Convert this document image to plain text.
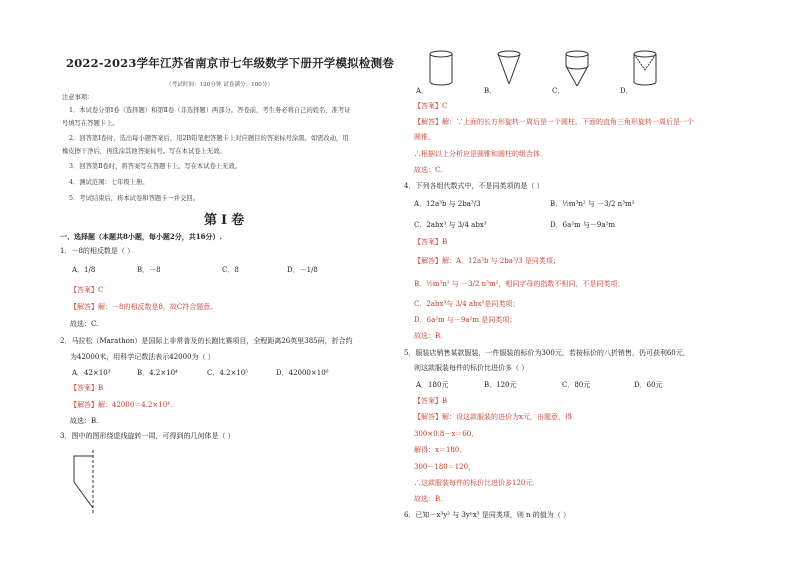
2022-2023学年江苏省南京市七年级数学下册开学模拟检测卷
（考试时间：120分钟 试卷满分：100分）
注意事项：
1．本试卷分第Ⅰ卷（选择题）和第Ⅱ卷（非选择题）两部分。答卷前，考生务必将自己的姓名、准考证
号填写在答题卡上。
2．回答第Ⅰ卷时，选出每小题答案后，用2B铅笔把答题卡上对应题目的答案标号涂黑。如需改动，用
橡皮擦干净后，再选涂其他答案标号。写在本试卷上无效。
3．回答第Ⅱ卷时，将答案写在答题卡上。写在本试卷上无效。
4．测试范围：七年级上册。
5．考试结束后，将本试卷和答题卡一并交回。
第Ⅰ卷
一、选择题（本题共8小题，每小题2分，共16分）.
1．－8的相反数是（ ）
A．1/8	B．－8	C．8	D．－1/8
【答案】C
【解答】解：－8的相反数是8，故C符合题意。
故选：C.
2．马拉松（Marathon）是国际上非常普及的长跑比赛项目，全程距离26英里385码，折合约
为42000米，用科学记数法表示42000为（ ）
A．42×10³	B．4.2×10⁴	C．4.2×10⁵	D．42000×10⁰
【答案】B
【解答】解：42000＝4.2×10⁴.
故选：B.
3．图中的图形绕虚线旋转一周，可得到的几何体是（ ）
A．	B．	C．	D．
【答案】C
【解答】解：∵上面的长方形旋转一周后是一个圆柱，下面的直角三角形旋转一周后是一个
圆锥，
∴根据以上分析应是圆锥和圆柱的组合体．
故选：C.
4．下列各组代数式中，不是同类项的是（ ）
A．12a³b 与 2ba³/3	B．½m³n² 与 －3/2 n³m²
C．2abx³ 与 3/4 abx³	D．6a²m 与－9a²m
【答案】B
【解答】解：A．12a³b 与 2ba³/3 是同类项；
B．½m³n² 与 －3/2 n³m²，相同字母的指数不相同，不是同类项；
C．2abx³与 3/4 abx³是同类项；
D．6a²m 与－9a²m 是同类项；
故选：B.
5．服装店销售某款服装，一件服装的标价为300元，若按标价的八折销售，仍可获利60元，
则这款服装每件的标价比进价多（ ）
A．180元	B．120元	C．80元	D．60元
【答案】B
【解答】解：设这款服装的进价为x元，由题意，得
300×0.8－x＝60，
解得：x＝180．
300－180＝120，
∴这款服装每件的标价比进价多120元．
故选：B.
6．已知－x³y² 与 3yⁿx³ 是同类项，则 n 的值为（ ）
